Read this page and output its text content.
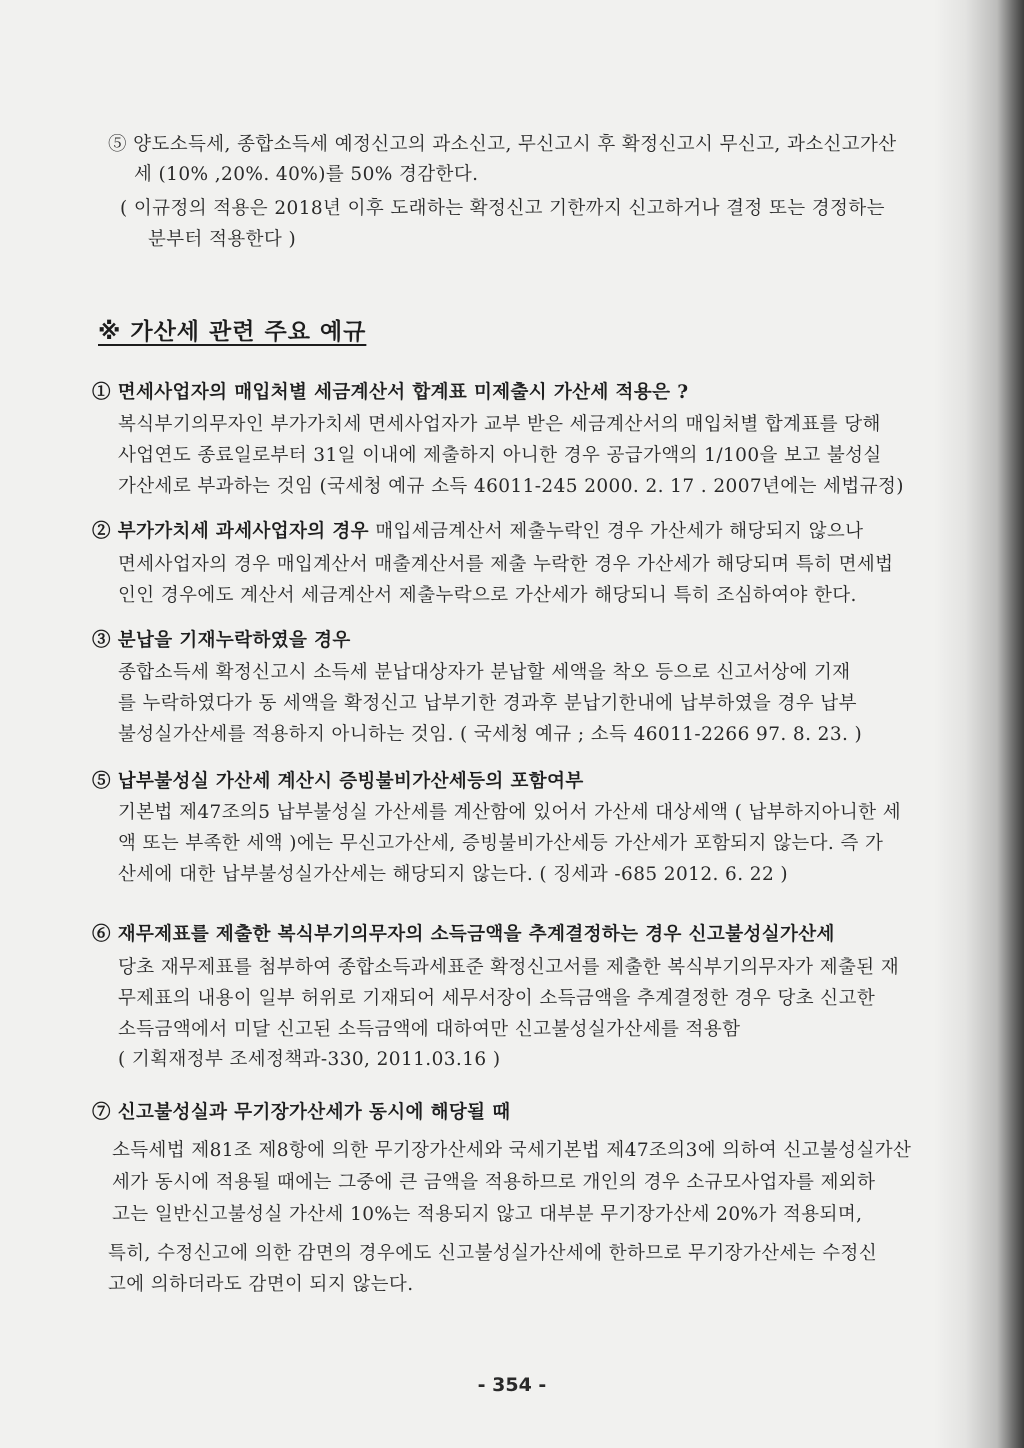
⑤ 양도소득세, 종합소득세 예정신고의 과소신고, 무신고시 후 확정신고시 무신고, 과소신고가산

세 (10% ,20%. 40%)를 50% 경감한다.

( 이규정의 적용은 2018년 이후 도래하는 확정신고 기한까지 신고하거나 결정 또는 경정하는

분부터 적용한다 )

※ 가산세 관련 주요 예규

① 면세사업자의 매입처별 세금계산서 합계표 미제출시 가산세 적용은 ?

복식부기의무자인 부가가치세 면세사업자가 교부 받은 세금계산서의 매입처별 합계표를 당해

사업연도 종료일로부터 31일 이내에 제출하지 아니한 경우 공급가액의 1/100을 보고 불성실

가산세로 부과하는 것임 (국세청 예규 소득 46011-245 2000. 2. 17 . 2007년에는 세법규정)

② 부가가치세 과세사업자의 경우 매입세금계산서 제출누락인 경우 가산세가 해당되지 않으나

면세사업자의 경우 매입계산서 매출계산서를 제출 누락한 경우 가산세가 해당되며 특히 면세법

인인 경우에도 계산서 세금계산서 제출누락으로 가산세가 해당되니 특히 조심하여야 한다.

③ 분납을 기재누락하였을 경우

종합소득세 확정신고시 소득세 분납대상자가 분납할 세액을 착오 등으로 신고서상에 기재

를 누락하였다가 동 세액을 확정신고 납부기한 경과후 분납기한내에 납부하였을 경우 납부

불성실가산세를 적용하지 아니하는 것임. ( 국세청 예규 ; 소득 46011-2266 97. 8. 23. )

⑤ 납부불성실 가산세 계산시 증빙불비가산세등의 포함여부

기본법 제47조의5 납부불성실 가산세를 계산함에 있어서 가산세 대상세액 ( 납부하지아니한 세

액 또는 부족한 세액 )에는 무신고가산세, 증빙불비가산세등 가산세가 포함되지 않는다. 즉 가

산세에 대한 납부불성실가산세는 해당되지 않는다. ( 징세과 -685 2012. 6. 22 )

⑥ 재무제표를 제출한 복식부기의무자의 소득금액을 추계결정하는 경우 신고불성실가산세

당초 재무제표를 첨부하여 종합소득과세표준 확정신고서를 제출한 복식부기의무자가 제출된 재

무제표의 내용이 일부 허위로 기재되어 세무서장이 소득금액을 추계결정한 경우 당초 신고한

소득금액에서 미달 신고된 소득금액에 대하여만 신고불성실가산세를 적용함

( 기획재정부 조세정책과-330, 2011.03.16 )

⑦ 신고불성실과 무기장가산세가 동시에 해당될 때

소득세법 제81조 제8항에 의한 무기장가산세와 국세기본법 제47조의3에 의하여 신고불성실가산

세가 동시에 적용될 때에는 그중에 큰 금액을 적용하므로 개인의 경우 소규모사업자를 제외하

고는 일반신고불성실 가산세 10%는 적용되지 않고 대부분 무기장가산세 20%가 적용되며,

특히, 수정신고에 의한 감면의 경우에도 신고불성실가산세에 한하므로 무기장가산세는 수정신

고에 의하더라도 감면이 되지 않는다.

- 354 -
